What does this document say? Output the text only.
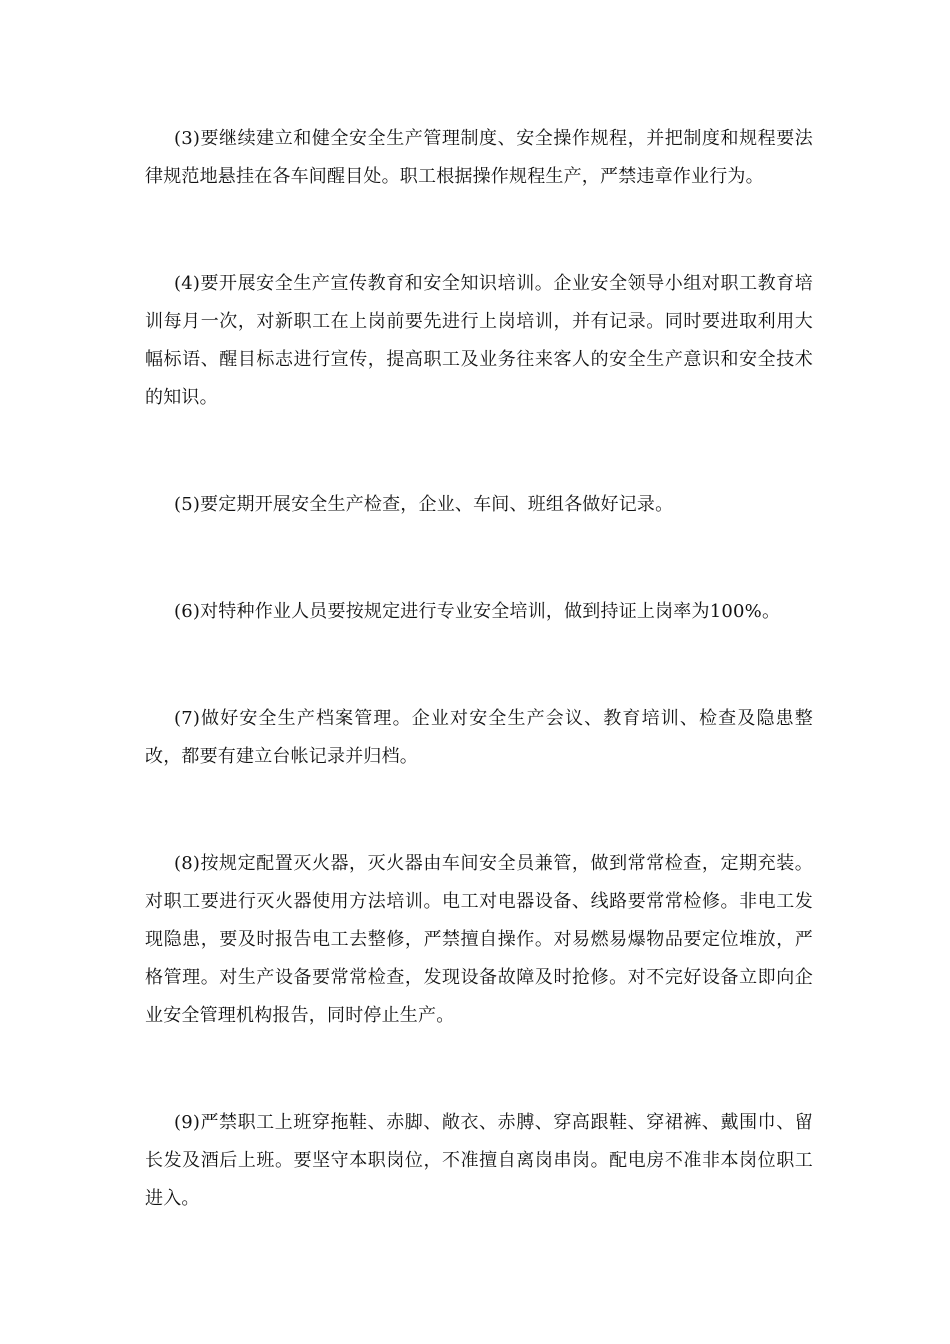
(3)要继续建立和健全安全生产管理制度、安全操作规程，并把制度和规程要法律规范地悬挂在各车间醒目处。职工根据操作规程生产，严禁违章作业行为。

(4)要开展安全生产宣传教育和安全知识培训。企业安全领导小组对职工教育培训每月一次，对新职工在上岗前要先进行上岗培训，并有记录。同时要进取利用大幅标语、醒目标志进行宣传，提高职工及业务往来客人的安全生产意识和安全技术的知识。

(5)要定期开展安全生产检查，企业、车间、班组各做好记录。

(6)对特种作业人员要按规定进行专业安全培训，做到持证上岗率为100%。

(7)做好安全生产档案管理。企业对安全生产会议、教育培训、检查及隐患整改，都要有建立台帐记录并归档。

(8)按规定配置灭火器，灭火器由车间安全员兼管，做到常常检查，定期充装。对职工要进行灭火器使用方法培训。电工对电器设备、线路要常常检修。非电工发现隐患，要及时报告电工去整修，严禁擅自操作。对易燃易爆物品要定位堆放，严格管理。对生产设备要常常检查，发现设备故障及时抢修。对不完好设备立即向企业安全管理机构报告，同时停止生产。

(9)严禁职工上班穿拖鞋、赤脚、敞衣、赤膊、穿高跟鞋、穿裙裤、戴围巾、留长发及酒后上班。要坚守本职岗位，不准擅自离岗串岗。配电房不准非本岗位职工进入。
